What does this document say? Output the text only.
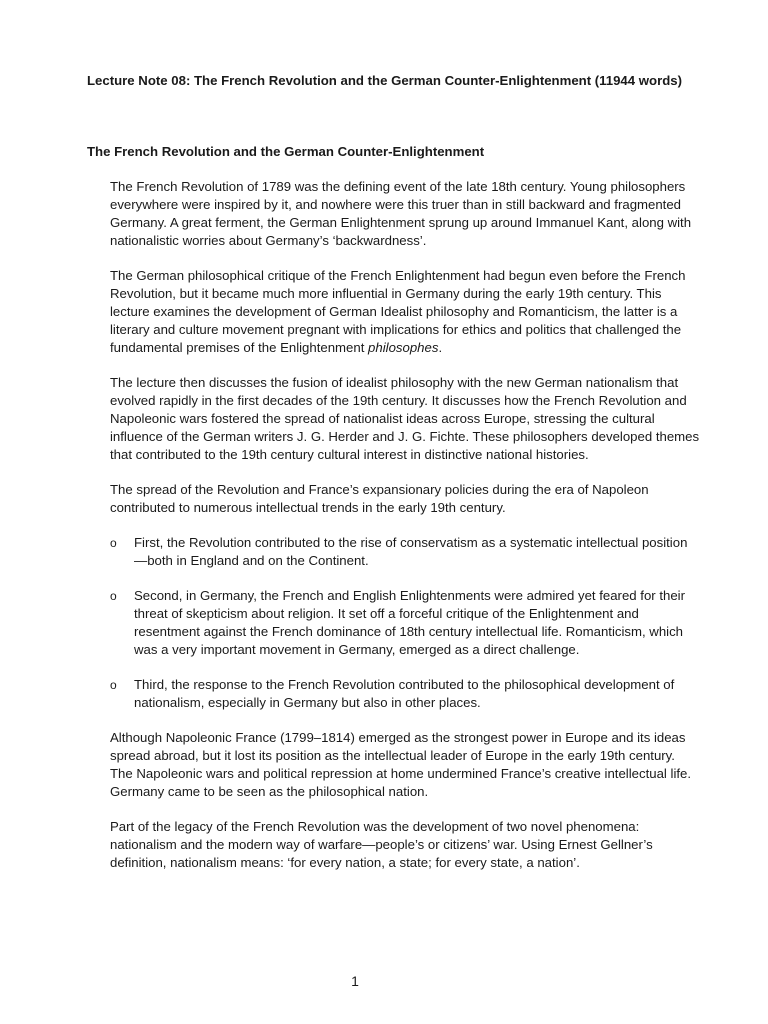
Lecture Note 08: The French Revolution and the German Counter-Enlightenment (11944 words)
The French Revolution and the German Counter-Enlightenment

The French Revolution of 1789 was the defining event of the late 18th century. Young philosophers everywhere were inspired by it, and nowhere were this truer than in still backward and fragmented Germany. A great ferment, the German Enlightenment sprung up around Immanuel Kant, along with nationalistic worries about Germany’s ‘backwardness’.

The German philosophical critique of the French Enlightenment had begun even before the French Revolution, but it became much more influential in Germany during the early 19th century. This lecture examines the development of German Idealist philosophy and Romanticism, the latter is a literary and culture movement pregnant with implications for ethics and politics that challenged the fundamental premises of the Enlightenment philosophes.

The lecture then discusses the fusion of idealist philosophy with the new German nationalism that evolved rapidly in the first decades of the 19th century. It discusses how the French Revolution and Napoleonic wars fostered the spread of nationalist ideas across Europe, stressing the cultural influence of the German writers J. G. Herder and J. G. Fichte. These philosophers developed themes that contributed to the 19th century cultural interest in distinctive national histories.

The spread of the Revolution and France’s expansionary policies during the era of Napoleon contributed to numerous intellectual trends in the early 19th century.

o First, the Revolution contributed to the rise of conservatism as a systematic intellectual position—both in England and on the Continent.
o Second, in Germany, the French and English Enlightenments were admired yet feared for their threat of skepticism about religion. It set off a forceful critique of the Enlightenment and resentment against the French dominance of 18th century intellectual life. Romanticism, which was a very important movement in Germany, emerged as a direct challenge.
o Third, the response to the French Revolution contributed to the philosophical development of nationalism, especially in Germany but also in other places.

Although Napoleonic France (1799–1814) emerged as the strongest power in Europe and its ideas spread abroad, but it lost its position as the intellectual leader of Europe in the early 19th century. The Napoleonic wars and political repression at home undermined France’s creative intellectual life. Germany came to be seen as the philosophical nation.

Part of the legacy of the French Revolution was the development of two novel phenomena: nationalism and the modern way of warfare—people’s or citizens’ war. Using Ernest Gellner’s definition, nationalism means: ‘for every nation, a state; for every state, a nation’.

1
